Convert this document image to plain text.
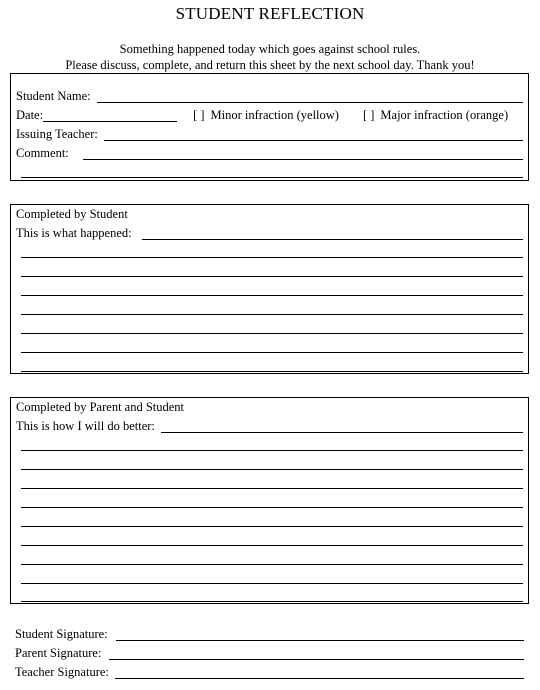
STUDENT REFLECTION
Something happened today which goes against school rules.
Please discuss, complete, and return this sheet by the next school day. Thank you!
Student Name:
Date:	[ ] Minor infraction (yellow)	[ ] Major infraction (orange)
Issuing Teacher:
Comment:
Completed by Student
This is what happened:
Completed by Parent and Student
This is how I will do better:
Student Signature:
Parent Signature:
Teacher Signature:
